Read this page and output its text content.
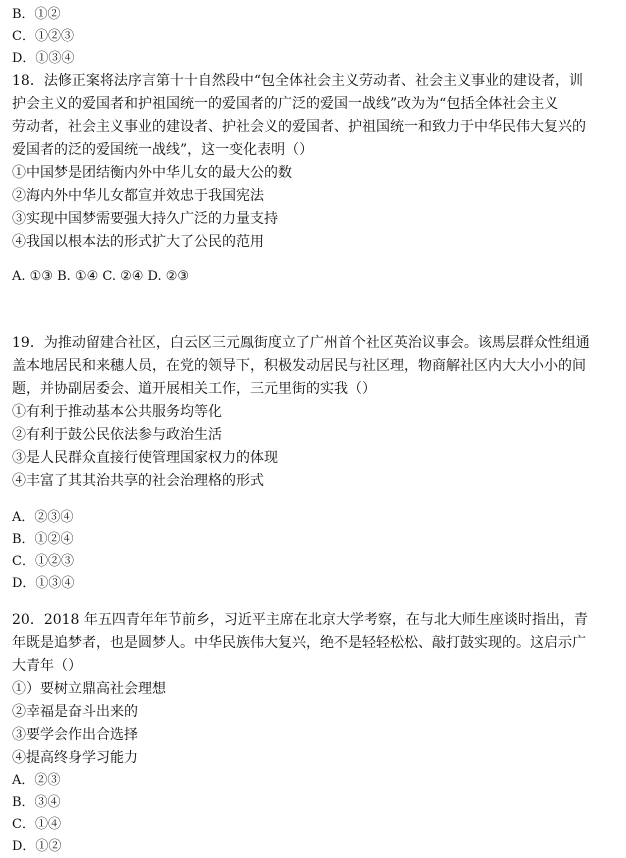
B．①②
C．①②③
D．①③④
18．法修正案将法序言第十十自然段中“包全体社会主义劳动者、社会主义事业的建设者，训
护会主义的爱国者和护祖国统一的爱国者的广泛的爱国一战线”改为为“包括全体社会主义
劳动者，社会主义事业的建设者、护社会义的爱国者、护祖国统一和致力于中华民伟大复兴的
爱国者的泛的爱国统一战线”，这一变化表明（）
①中国梦是团结衡内外中华儿女的最大公的数
②海内外中华儿女都宣并效忠于我国宪法
③实现中国梦需要强大持久广泛的力量支持
④我国以根本法的形式扩大了公民的范用
A. ①③ B. ①④ C. ②④ D. ②③
19．为推动留建合社区，白云区三元鳯街度立了广州首个社区英治议事会。该馬层群众性组通
盖本地居民和来穗人员，在党的领导下，积极发动居民与社区理，物商解社区内大大小小的间
题，并协副居委会、道开展相关工作，三元里街的实我（）
①有利于推动基本公共服务均等化
②有利于鼓公民依法参与政治生活
③是人民群众直接行使管理国家权力的体现
④丰富了其其治共享的社会治理格的形式
A．②③④
B．①②④
C．①②③
D．①③④
20．2018 年五四青年年节前乡，习近平主席在北京大学考察，在与北大师生座谈时指出，青
年既是追梦者，也是圆梦人。中华民族伟大复兴，绝不是轻轻松松、敲打鼓实现的。这启示广
大青年（）
①）要树立鼎高社会理想
②幸福是奋斗出来的
③要学会作出合选择
④提高终身学习能力
A．②③
B．③④
C．①④
D．①②
